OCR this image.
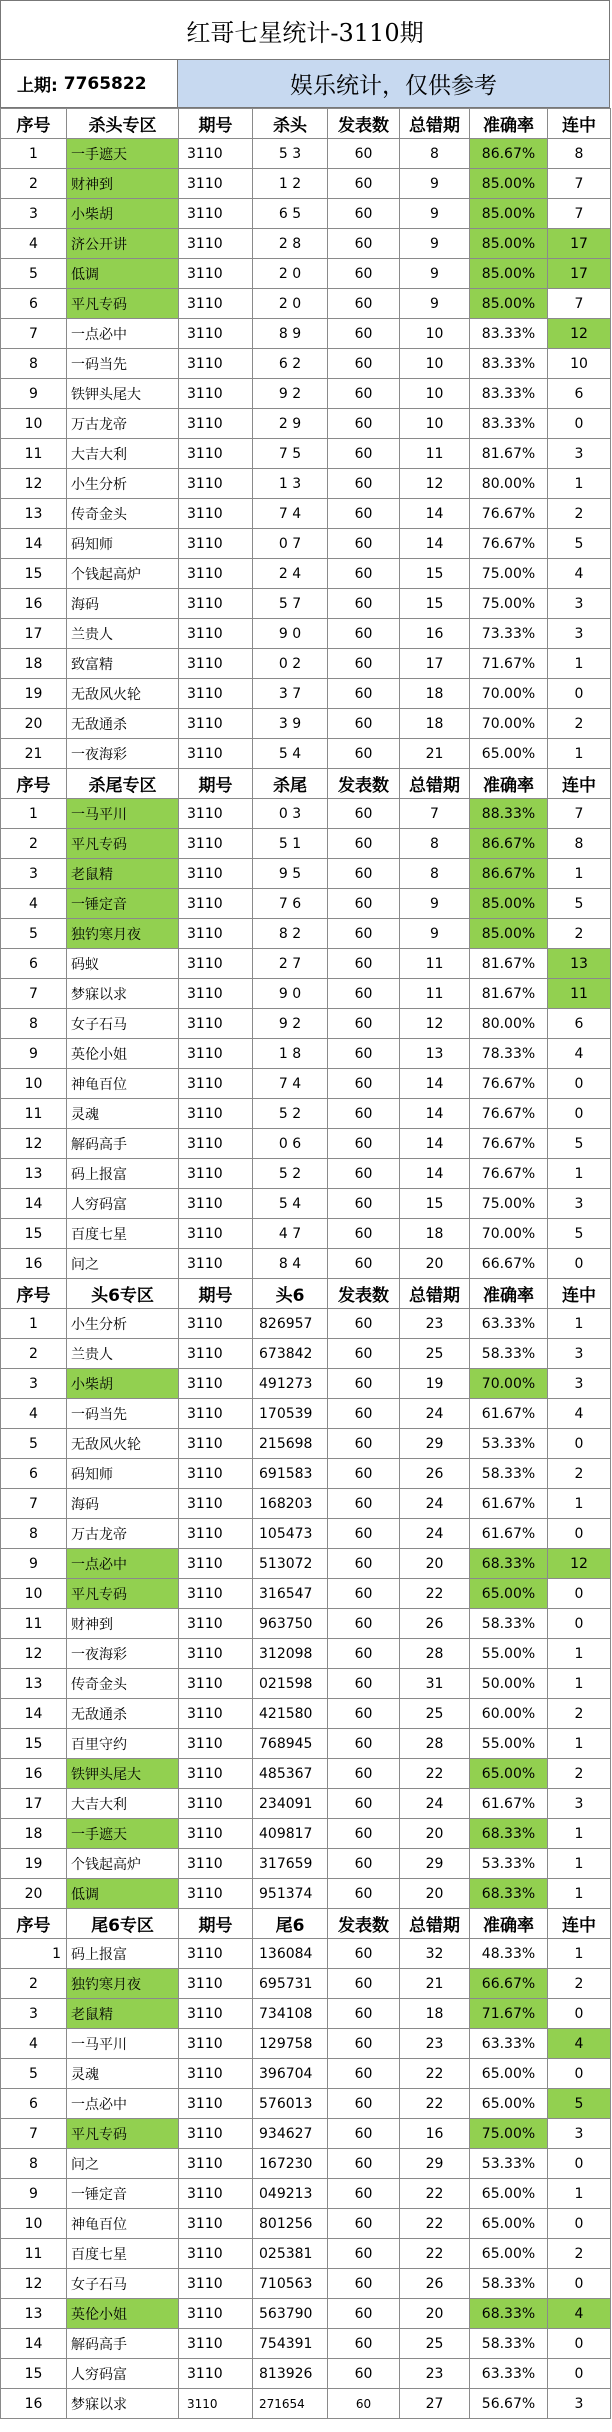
红哥七星统计-3110期
上期:
7765822	娱乐统计，仅供参考
序号	杀头专区	期号	杀头	发表数	总错期	准确率	连中
1	一手遮天	3110	5 3	60	8	86.67%	8
2	财神到	3110	1 2	60	9	85.00%	7
3	小柴胡	3110	6 5	60	9	85.00%	7
4	济公开讲	3110	2 8	60	9	85.00%	17
5	低调	3110	2 0	60	9	85.00%	17
6	平凡专码	3110	2 0	60	9	85.00%	7
7	一点必中	3110	8 9	60	10	83.33%	12
8	一码当先	3110	6 2	60	10	83.33%	10
9	铁钾头尾大	3110	9 2	60	10	83.33%	6
10	万古龙帝	3110	2 9	60	10	83.33%	0
11	大吉大利	3110	7 5	60	11	81.67%	3
12	小生分析	3110	1 3	60	12	80.00%	1
13	传奇金头	3110	7 4	60	14	76.67%	2
14	码知师	3110	0 7	60	14	76.67%	5
15	个钱起高炉	3110	2 4	60	15	75.00%	4
16	海码	3110	5 7	60	15	75.00%	3
17	兰贵人	3110	9 0	60	16	73.33%	3
18	致富精	3110	0 2	60	17	71.67%	1
19	无敌风火轮	3110	3 7	60	18	70.00%	0
20	无敌通杀	3110	3 9	60	18	70.00%	2
21	一夜海彩	3110	5 4	60	21	65.00%	1
序号	杀尾专区	期号	杀尾	发表数	总错期	准确率	连中
1	一马平川	3110	0 3	60	7	88.33%	7
2	平凡专码	3110	5 1	60	8	86.67%	8
3	老鼠精	3110	9 5	60	8	86.67%	1
4	一锤定音	3110	7 6	60	9	85.00%	5
5	独钓寒月夜	3110	8 2	60	9	85.00%	2
6	码蚁	3110	2 7	60	11	81.67%	13
7	梦寐以求	3110	9 0	60	11	81.67%	11
8	女子石马	3110	9 2	60	12	80.00%	6
9	英伦小姐	3110	1 8	60	13	78.33%	4
10	神龟百位	3110	7 4	60	14	76.67%	0
11	灵魂	3110	5 2	60	14	76.67%	0
12	解码高手	3110	0 6	60	14	76.67%	5
13	码上报富	3110	5 2	60	14	76.67%	1
14	人穷码富	3110	5 4	60	15	75.00%	3
15	百度七星	3110	4 7	60	18	70.00%	5
16	问之	3110	8 4	60	20	66.67%	0
序号	头6专区	期号	头6	发表数	总错期	准确率	连中
1	小生分析	3110	826957	60	23	63.33%	1
2	兰贵人	3110	673842	60	25	58.33%	3
3	小柴胡	3110	491273	60	19	70.00%	3
4	一码当先	3110	170539	60	24	61.67%	4
5	无敌风火轮	3110	215698	60	29	53.33%	0
6	码知师	3110	691583	60	26	58.33%	2
7	海码	3110	168203	60	24	61.67%	1
8	万古龙帝	3110	105473	60	24	61.67%	0
9	一点必中	3110	513072	60	20	68.33%	12
10	平凡专码	3110	316547	60	22	65.00%	0
11	财神到	3110	963750	60	26	58.33%	0
12	一夜海彩	3110	312098	60	28	55.00%	1
13	传奇金头	3110	021598	60	31	50.00%	1
14	无敌通杀	3110	421580	60	25	60.00%	2
15	百里守约	3110	768945	60	28	55.00%	1
16	铁钾头尾大	3110	485367	60	22	65.00%	2
17	大吉大利	3110	234091	60	24	61.67%	3
18	一手遮天	3110	409817	60	20	68.33%	1
19	个钱起高炉	3110	317659	60	29	53.33%	1
20	低调	3110	951374	60	20	68.33%	1
序号	尾6专区	期号	尾6	发表数	总错期	准确率	连中
1	码上报富	3110	136084	60	32	48.33%	1
2	独钓寒月夜	3110	695731	60	21	66.67%	2
3	老鼠精	3110	734108	60	18	71.67%	0
4	一马平川	3110	129758	60	23	63.33%	4
5	灵魂	3110	396704	60	22	65.00%	0
6	一点必中	3110	576013	60	22	65.00%	5
7	平凡专码	3110	934627	60	16	75.00%	3
8	问之	3110	167230	60	29	53.33%	0
9	一锤定音	3110	049213	60	22	65.00%	1
10	神龟百位	3110	801256	60	22	65.00%	0
11	百度七星	3110	025381	60	22	65.00%	2
12	女子石马	3110	710563	60	26	58.33%	0
13	英伦小姐	3110	563790	60	20	68.33%	4
14	解码高手	3110	754391	60	25	58.33%	0
15	人穷码富	3110	813926	60	23	63.33%	0
16	梦寐以求	3110	271654	60	27	56.67%	3
